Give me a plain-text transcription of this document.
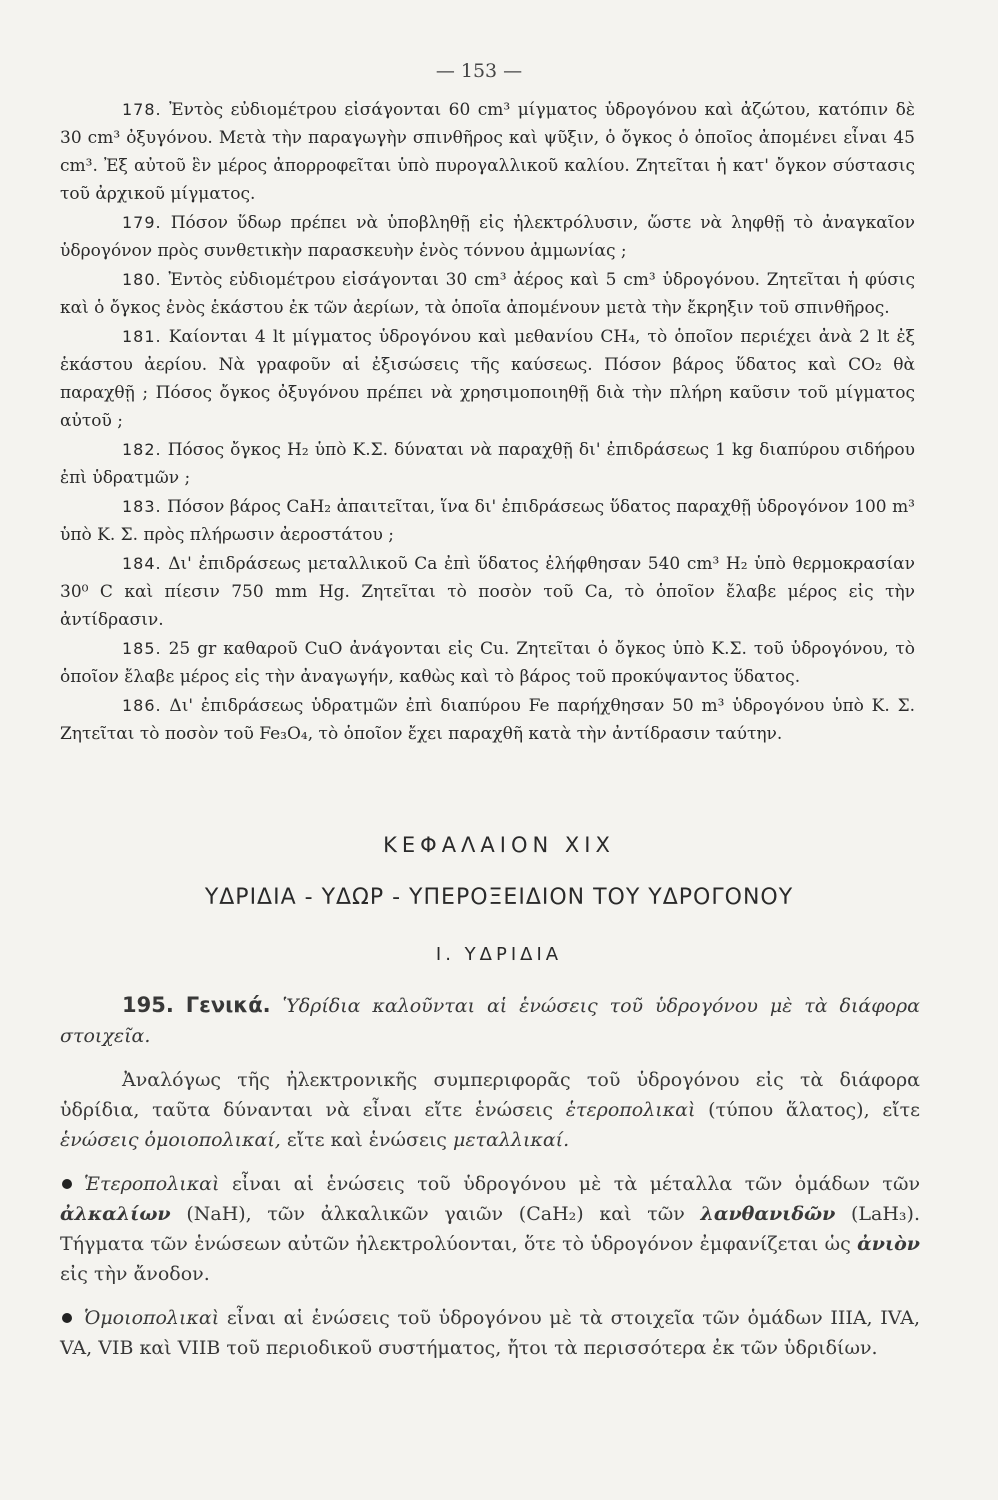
— 153 —

178. Ἐντὸς εὐδιομέτρου εἰσάγονται 60 cm³ μίγματος ὑδρογόνου καὶ ἀζώτου, κατόπιν δὲ 30 cm³ ὀξυγόνου. Μετὰ τὴν παραγωγὴν σπινθῆρος καὶ ψῦξιν, ὁ ὄγκος ὁ ὁποῖος ἀπομένει εἶναι 45 cm³. Ἐξ αὐτοῦ ἓν μέρος ἀπορροφεῖται ὑπὸ πυρογαλλικοῦ καλίου. Ζητεῖται ἡ κατ' ὄγκον σύστασις τοῦ ἀρχικοῦ μίγματος.

179. Πόσον ὕδωρ πρέπει νὰ ὑποβληθῇ εἰς ἠλεκτρόλυσιν, ὥστε νὰ ληφθῇ τὸ ἀναγκαῖον ὑδρογόνον πρὸς συνθετικὴν παρασκευὴν ἑνὸς τόννου ἀμμωνίας ;

180. Ἐντὸς εὐδιομέτρου εἰσάγονται 30 cm³ ἀέρος καὶ 5 cm³ ὑδρογόνου. Ζητεῖται ἡ φύσις καὶ ὁ ὄγκος ἑνὸς ἑκάστου ἐκ τῶν ἀερίων, τὰ ὁποῖα ἀπομένουν μετὰ τὴν ἔκρηξιν τοῦ σπινθῆρος.

181. Καίονται 4 lt μίγματος ὑδρογόνου καὶ μεθανίου CH₄, τὸ ὁποῖον περιέχει ἀνὰ 2 lt ἐξ ἑκάστου ἀερίου. Νὰ γραφοῦν αἱ ἐξισώσεις τῆς καύσεως. Πόσον βάρος ὕδατος καὶ CO₂ θὰ παραχθῇ ; Πόσος ὄγκος ὀξυγόνου πρέπει νὰ χρησιμοποιηθῇ διὰ τὴν πλήρη καῦσιν τοῦ μίγματος αὐτοῦ ;

182. Πόσος ὄγκος H₂ ὑπὸ Κ.Σ. δύναται νὰ παραχθῇ δι' ἐπιδράσεως 1 kg διαπύρου σιδήρου ἐπὶ ὑδρατμῶν ;

183. Πόσον βάρος CaH₂ ἀπαιτεῖται, ἵνα δι' ἐπιδράσεως ὕδατος παραχθῇ ὑδρογόνον 100 m³ ὑπὸ Κ. Σ. πρὸς πλήρωσιν ἀεροστάτου ;

184. Δι' ἐπιδράσεως μεταλλικοῦ Ca ἐπὶ ὕδατος ἐλήφθησαν 540 cm³ H₂ ὑπὸ θερμοκρασίαν 30⁰ C καὶ πίεσιν 750 mm Hg. Ζητεῖται τὸ ποσὸν τοῦ Ca, τὸ ὁποῖον ἔλαβε μέρος εἰς τὴν ἀντίδρασιν.

185. 25 gr καθαροῦ CuO ἀνάγονται εἰς Cu. Ζητεῖται ὁ ὄγκος ὑπὸ Κ.Σ. τοῦ ὑδρογόνου, τὸ ὁποῖον ἔλαβε μέρος εἰς τὴν ἀναγωγήν, καθὼς καὶ τὸ βάρος τοῦ προκύψαντος ὕδατος.

186. Δι' ἐπιδράσεως ὑδρατμῶν ἐπὶ διαπύρου Fe παρήχθησαν 50 m³ ὑδρογόνου ὑπὸ Κ. Σ. Ζητεῖται τὸ ποσὸν τοῦ Fe₃O₄, τὸ ὁποῖον ἔχει παραχθῆ κατὰ τὴν ἀντίδρασιν ταύτην.

ΚΕΦΑΛΑΙΟΝ XIX
ΥΔΡΙΔΙΑ - ΥΔΩΡ - ΥΠΕΡΟΞΕΙΔΙΟΝ ΤΟΥ ΥΔΡΟΓΟΝΟΥ
I. ΥΔΡΙΔΙΑ

195. Γενικά. Ὑδρίδια καλοῦνται αἱ ἑνώσεις τοῦ ὑδρογόνου μὲ τὰ διάφορα στοιχεῖα.

Ἀναλόγως τῆς ἠλεκτρονικῆς συμπεριφορᾶς τοῦ ὑδρογόνου εἰς τὰ διάφορα ὑδρίδια, ταῦτα δύνανται νὰ εἶναι εἴτε ἑνώσεις ἑτεροπολικαὶ (τύπου ἅλατος), εἴτε ἑνώσεις ὁμοιοπολικαί, εἴτε καὶ ἑνώσεις μεταλλικαί.

Ἑτεροπολικαὶ εἶναι αἱ ἑνώσεις τοῦ ὑδρογόνου μὲ τὰ μέταλλα τῶν ὁμάδων τῶν ἀλκαλίων (NaH), τῶν ἀλκαλικῶν γαιῶν (CaH₂) καὶ τῶν λανθανιδῶν (LaH₃). Τήγματα τῶν ἑνώσεων αὐτῶν ἠλεκτρολύονται, ὅτε τὸ ὑδρογόνον ἐμφανίζεται ὡς ἀνιὸν εἰς τὴν ἄνοδον.

Ὁμοιοπολικαὶ εἶναι αἱ ἑνώσεις τοῦ ὑδρογόνου μὲ τὰ στοιχεῖα τῶν ὁμάδων IIIA, IVA, VA, VIB καὶ VIIB τοῦ περιοδικοῦ συστήματος, ἤτοι τὰ περισσότερα ἐκ τῶν ὑδριδίων.
